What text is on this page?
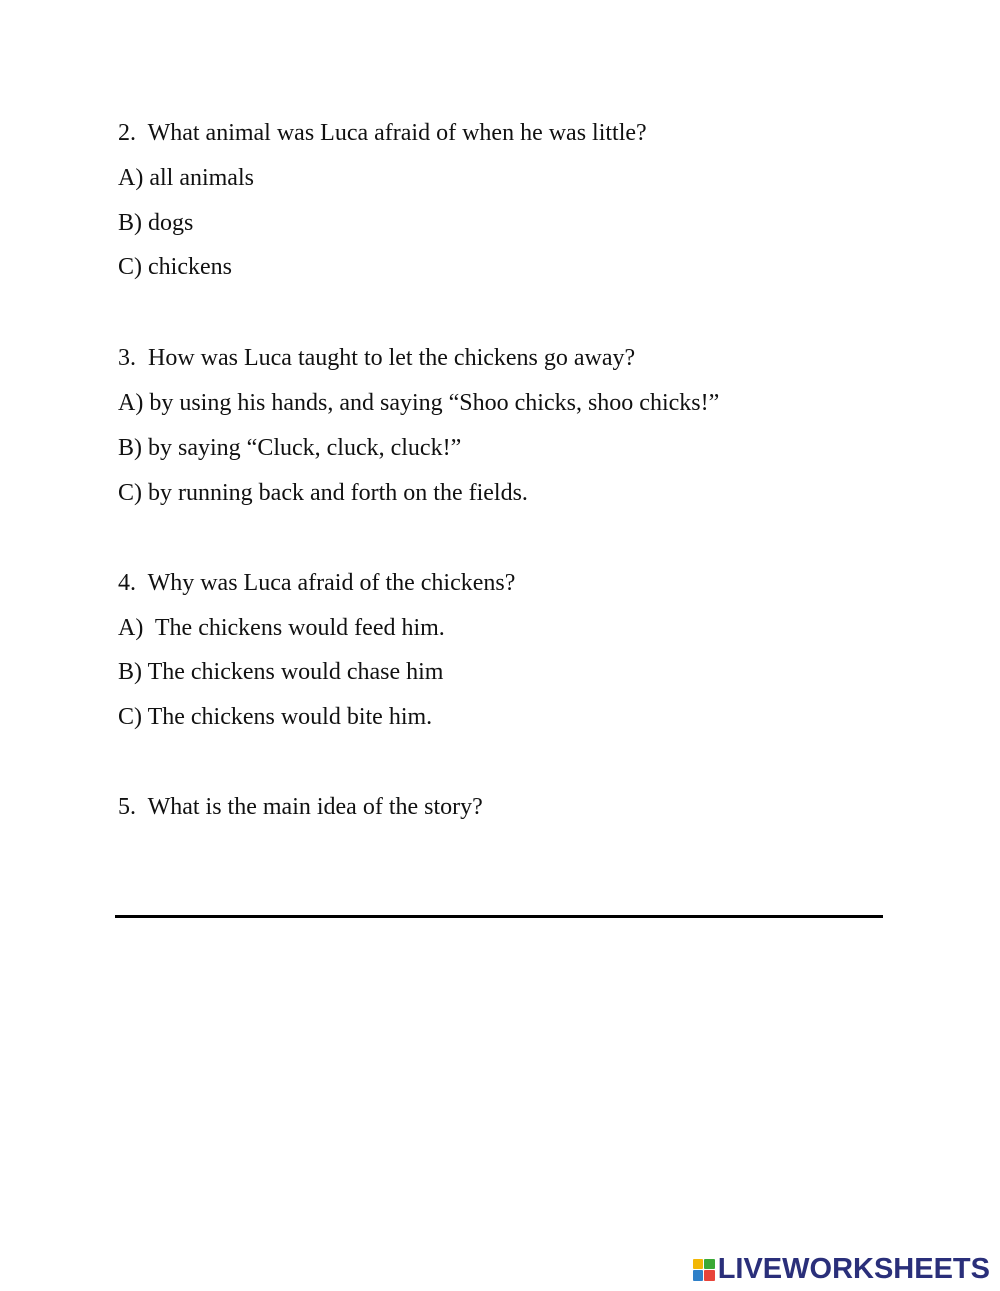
2.  What animal was Luca afraid of when he was little?
A) all animals
B) dogs
C) chickens
3.  How was Luca taught to let the chickens go away?
A) by using his hands, and saying “Shoo chicks, shoo chicks!”
B) by saying “Cluck, cluck, cluck!”
C) by running back and forth on the fields.
4.  Why was Luca afraid of the chickens?
A)  The chickens would feed him.
B) The chickens would chase him
C) The chickens would bite him.
5.  What is the main idea of the story?
LIVEWORKSHEETS
